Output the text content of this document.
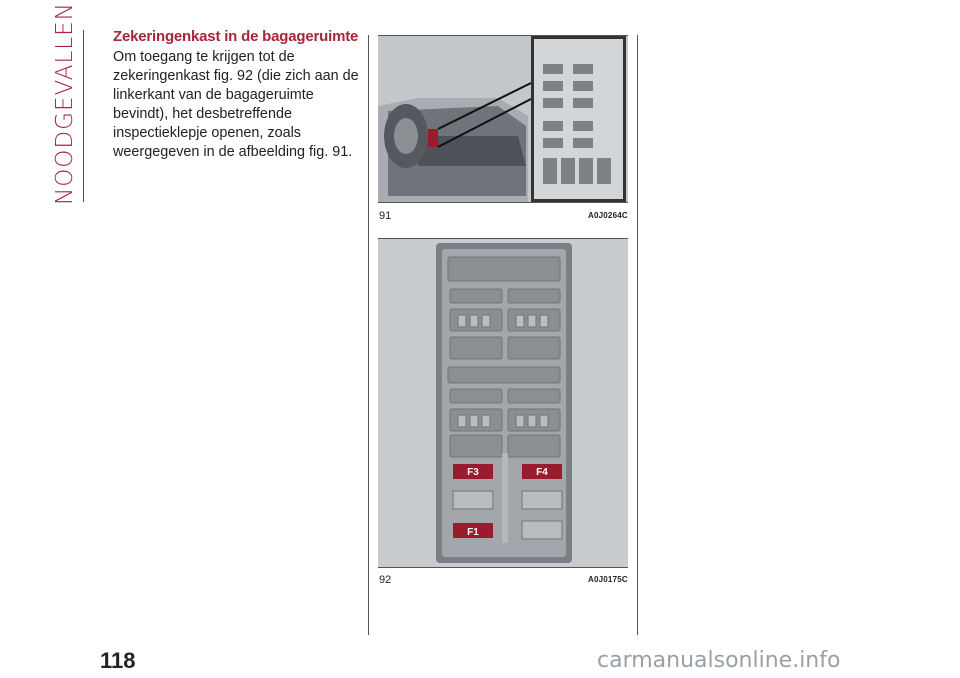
NOODGEVALLEN	Zekeringenkast in de bagageruimte
Om toegang te krijgen tot de zekeringenkast fig. 92 (die zich aan de linkerkant van de bagageruimte bevindt), het desbetreffende inspectieklepje openen, zoals weergegeven in de afbeelding fig. 91.
91	A0J0264C
F3	F4
F1
92	A0J0175C
118	carmanualsonline.info
